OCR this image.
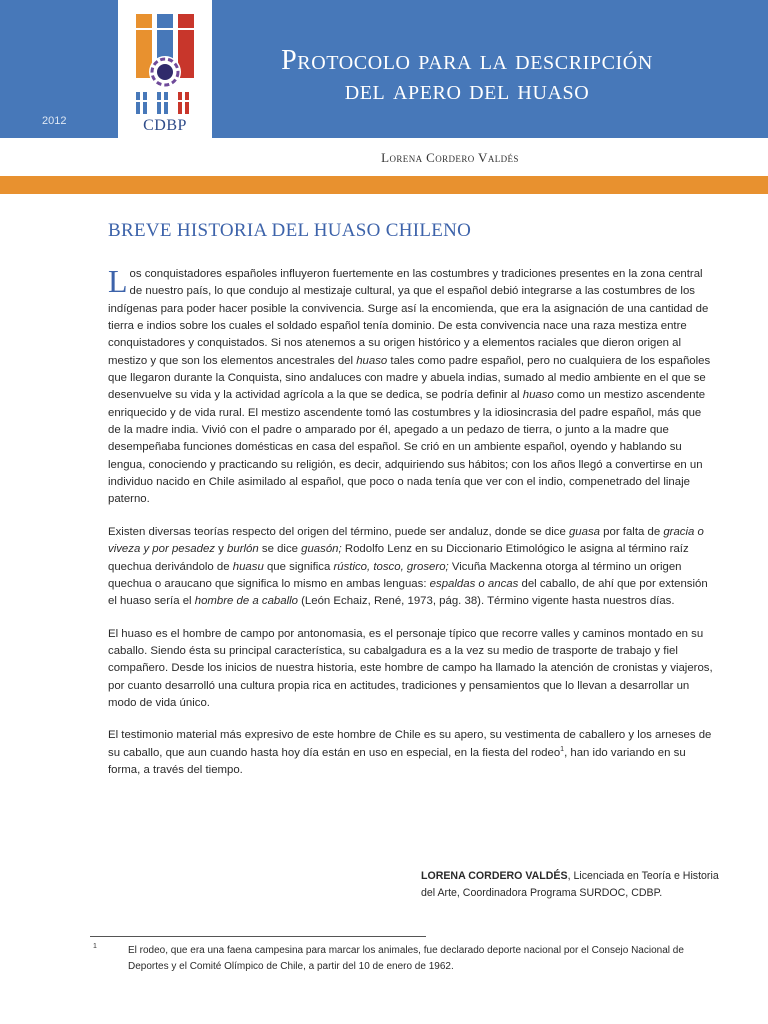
CDBP
2012
Protocolo para la descripción
del apero del huaso
Lorena Cordero Valdés
BREVE HISTORIA DEL HUASO CHILENO

Los conquistadores españoles influyeron fuertemente en las costumbres y tradiciones presentes en la zona central de nuestro país, lo que condujo al mestizaje cultural, ya que el español debió integrarse a las costumbres de los indígenas para poder hacer posible la convivencia. Surge así la encomienda, que era la asignación de una cantidad de tierra e indios sobre los cuales el soldado español tenía dominio. De esta convivencia nace una raza mestiza entre conquistadores y conquistados. Si nos atenemos a su origen histórico y a elementos raciales que dieron origen al mestizo y que son los elementos ancestrales del huaso tales como padre español, pero no cualquiera de los españoles que llegaron durante la Conquista, sino andaluces con madre y abuela indias, sumado al medio ambiente en el que se desenvuelve su vida y la actividad agrícola a la que se dedica, se podría definir al huaso como un mestizo ascendente enriquecido y de vida rural. El mestizo ascendente tomó las costumbres y la idiosincrasia del padre español, más que de la madre india. Vivió con el padre o amparado por él, apegado a un pedazo de tierra, o junto a la madre que desempeñaba funciones domésticas en casa del español. Se crió en un ambiente español, oyendo y hablando su lengua, conociendo y practicando su religión, es decir, adquiriendo sus hábitos; con los años llegó a convertirse en un individuo nacido en Chile asimilado al español, que poco o nada tenía que ver con el indio, compenetrado del linaje paterno.

Existen diversas teorías respecto del origen del término, puede ser andaluz, donde se dice guasa por falta de gracia o viveza y por pesadez y burlón se dice guasón; Rodolfo Lenz en su Diccionario Etimológico le asigna al término raíz quechua derivándolo de huasu que significa rústico, tosco, grosero; Vicuña Mackenna otorga al término un origen quechua o araucano que significa lo mismo en ambas lenguas: espaldas o ancas del caballo, de ahí que por extensión el huaso sería el hombre de a caballo (León Echaiz, René, 1973, pág. 38). Término vigente hasta nuestros días.

El huaso es el hombre de campo por antonomasia, es el personaje típico que recorre valles y caminos montado en su caballo. Siendo ésta su principal característica, su cabalgadura es a la vez su medio de trasporte de trabajo y fiel compañero. Desde los inicios de nuestra historia, este hombre de campo ha llamado la atención de cronistas y viajeros, por cuanto desarrolló una cultura propia rica en actitudes, tradiciones y pensamientos que lo llevan a desarrollar un modo de vida único.

El testimonio material más expresivo de este hombre de Chile es su apero, su vestimenta de caballero y los arneses de su caballo, que aun cuando hasta hoy día están en uso en especial, en la fiesta del rodeo$^1$, han ido variando en su forma, a través del tiempo.

LORENA CORDERO VALDÉS, Licenciada en Teoría e Historia del Arte, Coordinadora Programa SURDOC, CDBP.
1	El rodeo, que era una faena campesina para marcar los animales, fue declarado deporte nacional por el Consejo Nacional de Deportes y el Comité Olímpico de Chile, a partir del 10 de enero de 1962.
